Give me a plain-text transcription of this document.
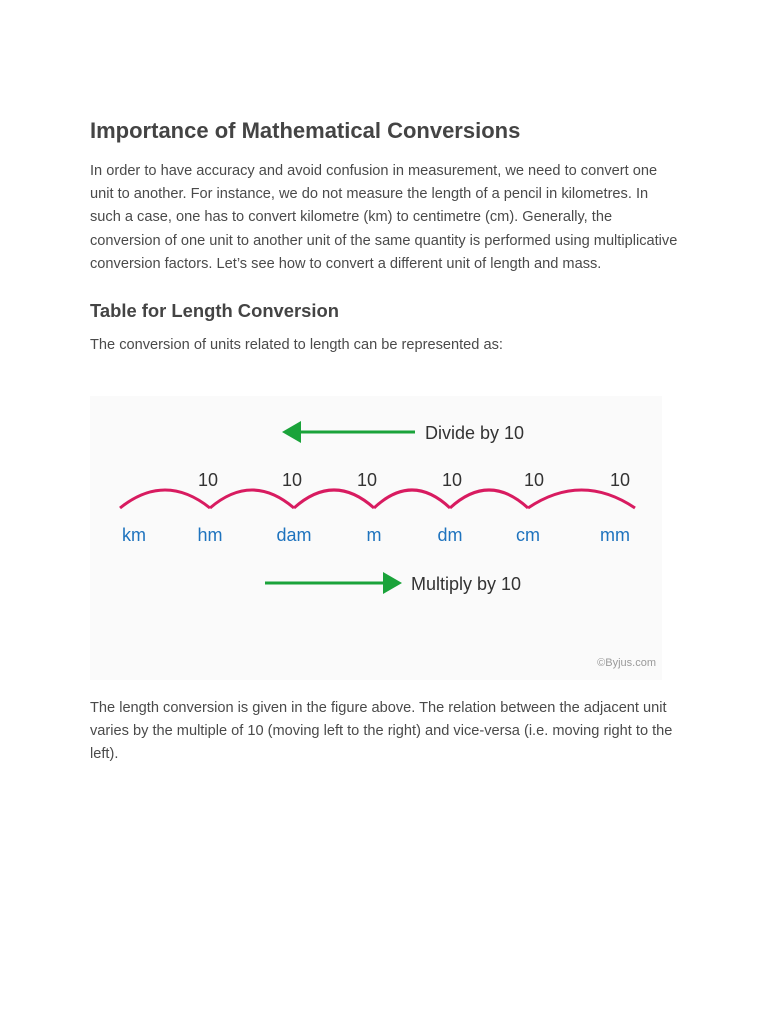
Importance of Mathematical Conversions

In order to have accuracy and avoid confusion in measurement, we need to convert one unit to another. For instance, we do not measure the length of a pencil in kilometres. In such a case, one has to convert kilometre (km) to centimetre (cm). Generally, the conversion of one unit to another unit of the same quantity is performed using multiplicative conversion factors. Let’s see how to convert a different unit of length and mass.

Table for Length Conversion

The conversion of units related to length can be represented as:

Divide by 10
10	10	10	10	10	10
km	hm	dam	m	dm	cm	mm
Multiply by 10
©Byjus.com

The length conversion is given in the figure above. The relation between the adjacent unit varies by the multiple of 10 (moving left to the right) and vice-versa (i.e. moving right to the left).
